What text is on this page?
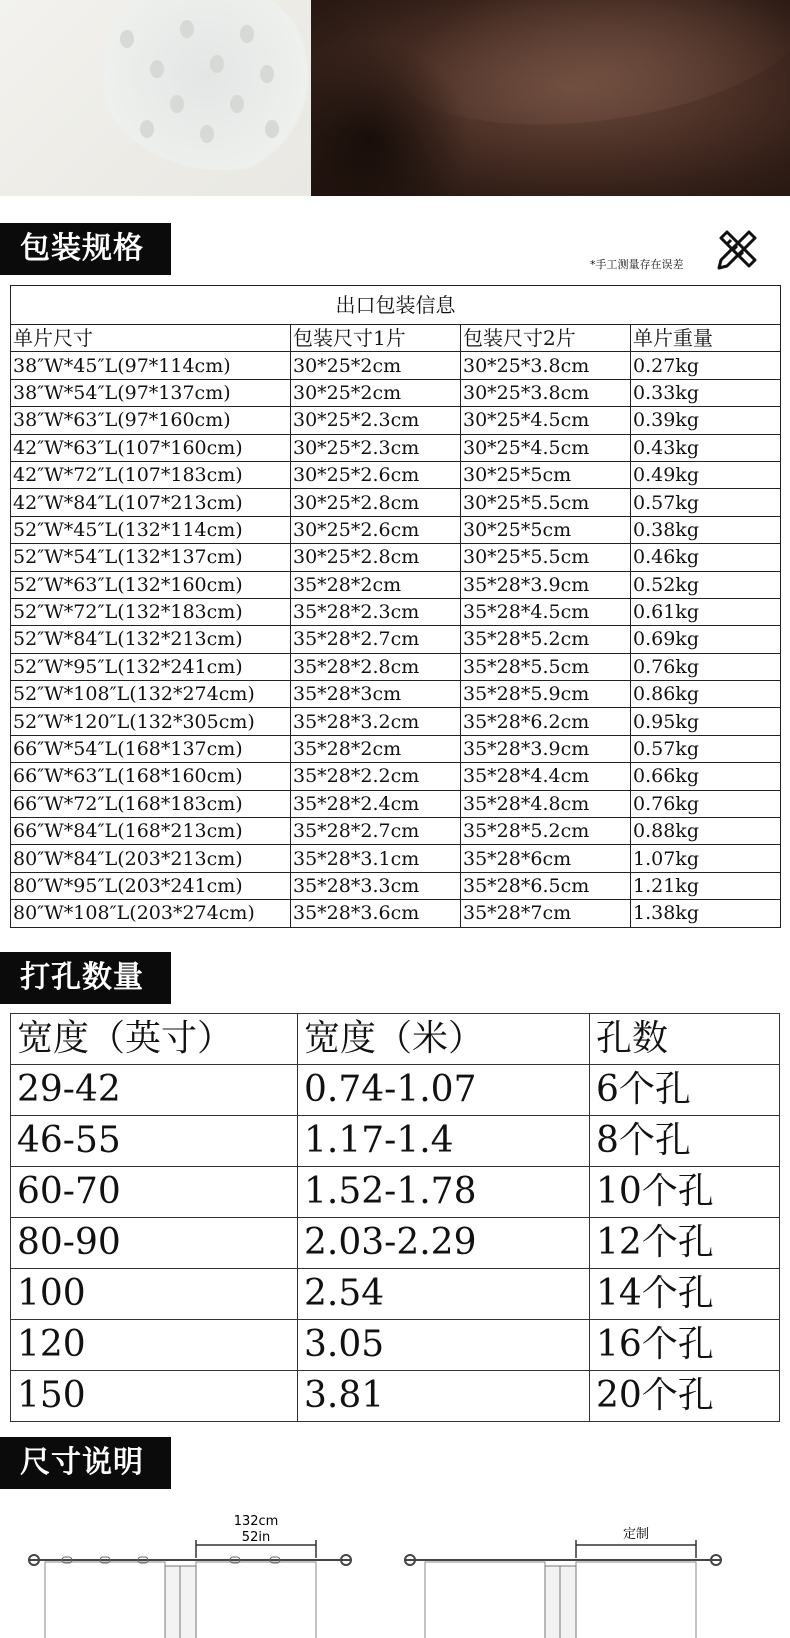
包装规格	*手工测量存在误差
出口包装信息			
单片尺寸	包装尺寸1片	包装尺寸2片	单片重量
38″W*45″L(97*114cm)	30*25*2cm	30*25*3.8cm	0.27kg
38″W*54″L(97*137cm)	30*25*2cm	30*25*3.8cm	0.33kg
38″W*63″L(97*160cm)	30*25*2.3cm	30*25*4.5cm	0.39kg
42″W*63″L(107*160cm)	30*25*2.3cm	30*25*4.5cm	0.43kg
42″W*72″L(107*183cm)	30*25*2.6cm	30*25*5cm	0.49kg
42″W*84″L(107*213cm)	30*25*2.8cm	30*25*5.5cm	0.57kg
52″W*45″L(132*114cm)	30*25*2.6cm	30*25*5cm	0.38kg
52″W*54″L(132*137cm)	30*25*2.8cm	30*25*5.5cm	0.46kg
52″W*63″L(132*160cm)	35*28*2cm	35*28*3.9cm	0.52kg
52″W*72″L(132*183cm)	35*28*2.3cm	35*28*4.5cm	0.61kg
52″W*84″L(132*213cm)	35*28*2.7cm	35*28*5.2cm	0.69kg
52″W*95″L(132*241cm)	35*28*2.8cm	35*28*5.5cm	0.76kg
52″W*108″L(132*274cm)	35*28*3cm	35*28*5.9cm	0.86kg
52″W*120″L(132*305cm)	35*28*3.2cm	35*28*6.2cm	0.95kg
66″W*54″L(168*137cm)	35*28*2cm	35*28*3.9cm	0.57kg
66″W*63″L(168*160cm)	35*28*2.2cm	35*28*4.4cm	0.66kg
66″W*72″L(168*183cm)	35*28*2.4cm	35*28*4.8cm	0.76kg
66″W*84″L(168*213cm)	35*28*2.7cm	35*28*5.2cm	0.88kg
80″W*84″L(203*213cm)	35*28*3.1cm	35*28*6cm	1.07kg
80″W*95″L(203*241cm)	35*28*3.3cm	35*28*6.5cm	1.21kg
80″W*108″L(203*274cm)	35*28*3.6cm	35*28*7cm	1.38kg
打孔数量
宽度（英寸）	宽度（米）	孔数
29-42	0.74-1.07	6个孔
46-55	1.17-1.4	8个孔
60-70	1.52-1.78	10个孔
80-90	2.03-2.29	12个孔
100	2.54	14个孔
120	3.05	16个孔
150	3.81	20个孔
尺寸说明
132cm
52in	定制
